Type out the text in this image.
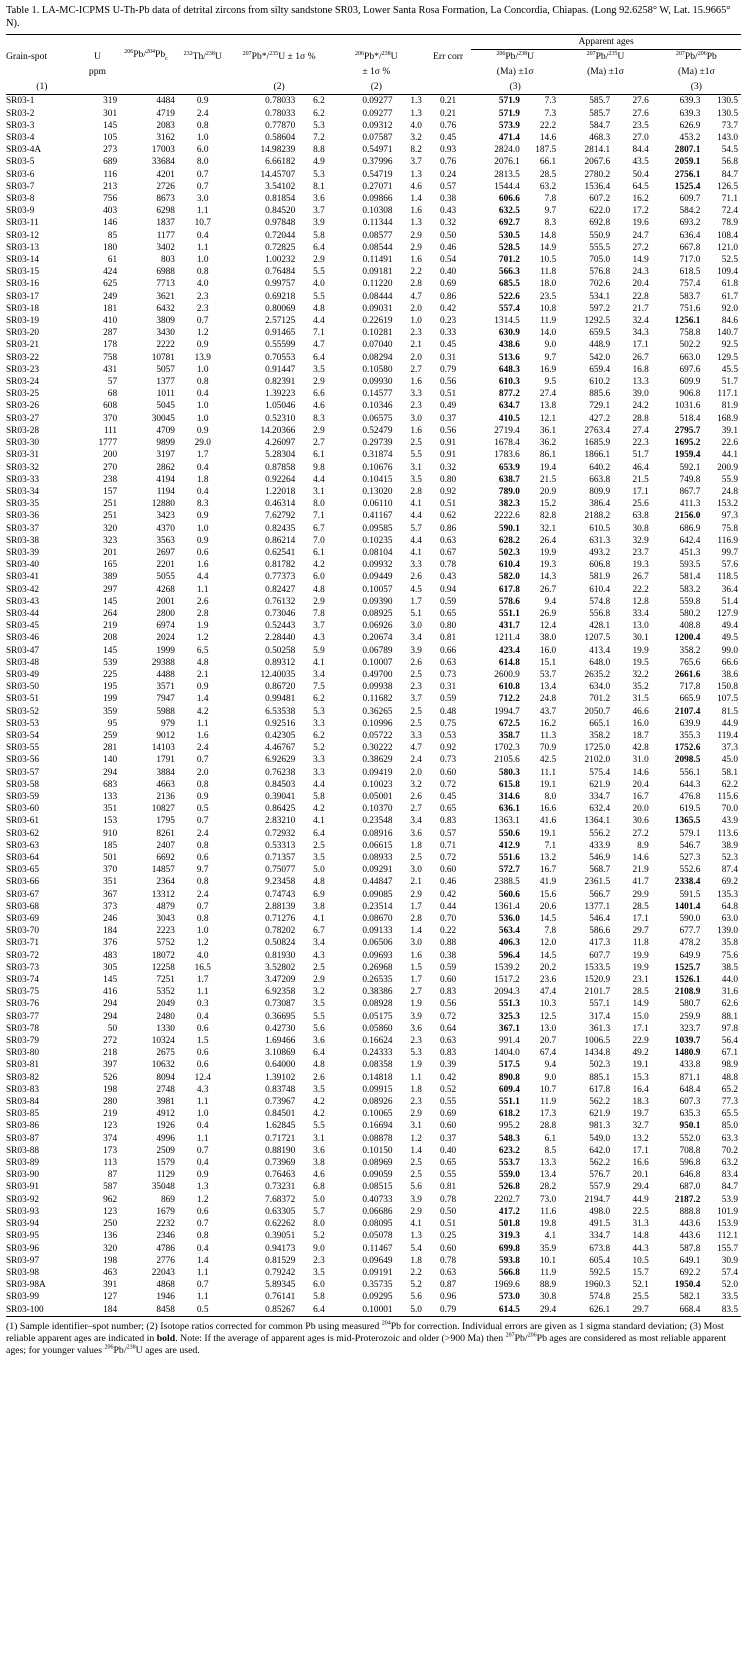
Table 1. LA-MC-ICPMS U-Th-Pb data of detrital zircons from silty sandstone SR03, Lower Santa Rosa Formation, La Concordia, Chiapas. (Long 92.6258° W, Lat. 15.9665° N).
									Apparent ages					
Grain-spot	U	$^{206}Pb/^{204}Pb_c$	$^{232}$Th/$^{238}$U	$^{207}$Pb*/$^{235}$U ± 1σ %		$^{206}$Pb*/$^{238}$U		Err corr	$^{206}$Pb/$^{238}$U		$^{207}$Pb/$^{235}$U		$^{207}$Pb/$^{206}$Pb	
	ppm					± 1σ %			(Ma) ±1σ		(Ma) ±1σ		(Ma) ±1σ	
(1)				(2)		(2)			(3)				(3)	
SR03-1	319	4484	0.9	0.78033	6.2	0.09277	1.3	0.21	571.9	7.3	585.7	27.6	639.3	130.5
SR03-2	301	4719	2.4	0.78033	6.2	0.09277	1.3	0.21	571.9	7.3	585.7	27.6	639.3	130.5
SR03-3	145	2083	0.8	0.77870	5.3	0.09312	4.0	0.76	573.9	22.2	584.7	23.5	626.9	73.7
SR03-4	105	3162	1.0	0.58604	7.2	0.07587	3.2	0.45	471.4	14.6	468.3	27.0	453.2	143.0
SR03-4A	273	17003	6.0	14.98239	8.8	0.54971	8.2	0.93	2824.0	187.5	2814.1	84.4	2807.1	54.5
SR03-5	689	33684	8.0	6.66182	4.9	0.37996	3.7	0.76	2076.1	66.1	2067.6	43.5	2059.1	56.8
SR03-6	116	4201	0.7	14.45707	5.3	0.54719	1.3	0.24	2813.5	28.5	2780.2	50.4	2756.1	84.7
SR03-7	213	2726	0.7	3.54102	8.1	0.27071	4.6	0.57	1544.4	63.2	1536.4	64.5	1525.4	126.5
SR03-8	756	8673	3.0	0.81854	3.6	0.09866	1.4	0.38	606.6	7.8	607.2	16.2	609.7	71.1
SR03-9	403	6298	1.1	0.84520	3.7	0.10308	1.6	0.43	632.5	9.7	622.0	17.2	584.2	72.4
SR03-11	146	1837	10.7	0.97848	3.9	0.11344	1.3	0.32	692.7	8.3	692.8	19.6	693.2	78.9
SR03-12	85	1177	0.4	0.72044	5.8	0.08577	2.9	0.50	530.5	14.8	550.9	24.7	636.4	108.4
SR03-13	180	3402	1.1	0.72825	6.4	0.08544	2.9	0.46	528.5	14.9	555.5	27.2	667.8	121.0
SR03-14	61	803	1.0	1.00232	2.9	0.11491	1.6	0.54	701.2	10.5	705.0	14.9	717.0	52.5
SR03-15	424	6988	0.8	0.76484	5.5	0.09181	2.2	0.40	566.3	11.8	576.8	24.3	618.5	109.4
SR03-16	625	7713	4.0	0.99757	4.0	0.11220	2.8	0.69	685.5	18.0	702.6	20.4	757.4	61.8
SR03-17	249	3621	2.3	0.69218	5.5	0.08444	4.7	0.86	522.6	23.5	534.1	22.8	583.7	61.7
SR03-18	181	6432	2.3	0.80069	4.8	0.09031	2.0	0.42	557.4	10.8	597.2	21.7	751.6	92.0
SR03-19	410	3809	0.7	2.57125	4.4	0.22619	1.0	0.23	1314.5	11.9	1292.5	32.4	1256.1	84.6
SR03-20	287	3430	1.2	0.91465	7.1	0.10281	2.3	0.33	630.9	14.0	659.5	34.3	758.8	140.7
SR03-21	178	2222	0.9	0.55599	4.7	0.07040	2.1	0.45	438.6	9.0	448.9	17.1	502.2	92.5
SR03-22	758	10781	13.9	0.70553	6.4	0.08294	2.0	0.31	513.6	9.7	542.0	26.7	663.0	129.5
SR03-23	431	5057	1.0	0.91447	3.5	0.10580	2.7	0.79	648.3	16.9	659.4	16.8	697.6	45.5
SR03-24	57	1377	0.8	0.82391	2.9	0.09930	1.6	0.56	610.3	9.5	610.2	13.3	609.9	51.7
SR03-25	68	1011	0.4	1.39223	6.6	0.14577	3.3	0.51	877.2	27.4	885.6	39.0	906.8	117.1
SR03-26	608	5045	1.0	1.05046	4.6	0.10346	2.3	0.49	634.7	13.8	729.1	24.2	1031.6	81.9
SR03-27	370	30045	1.0	0.52310	8.3	0.06575	3.0	0.37	410.5	12.1	427.2	28.8	518.4	168.9
SR03-28	111	4709	0.9	14.20366	2.9	0.52479	1.6	0.56	2719.4	36.1	2763.4	27.4	2795.7	39.1
SR03-30	1777	9899	29.0	4.26097	2.7	0.29739	2.5	0.91	1678.4	36.2	1685.9	22.3	1695.2	22.6
SR03-31	200	3197	1.7	5.28304	6.1	0.31874	5.5	0.91	1783.6	86.1	1866.1	51.7	1959.4	44.1
SR03-32	270	2862	0.4	0.87858	9.8	0.10676	3.1	0.32	653.9	19.4	640.2	46.4	592.1	200.9
SR03-33	238	4194	1.8	0.92264	4.4	0.10415	3.5	0.80	638.7	21.5	663.8	21.5	749.8	55.9
SR03-34	157	1194	0.4	1.22018	3.1	0.13020	2.8	0.92	789.0	20.9	809.9	17.1	867.7	24.8
SR03-35	251	12880	8.3	0.46314	8.0	0.06110	4.1	0.51	382.3	15.2	386.4	25.6	411.3	153.2
SR03-36	251	3423	0.9	7.62792	7.1	0.41167	4.4	0.62	2222.6	82.8	2188.2	63.8	2156.0	97.3
SR03-37	320	4370	1.0	0.82435	6.7	0.09585	5.7	0.86	590.1	32.1	610.5	30.8	686.9	75.8
SR03-38	323	3563	0.9	0.86214	7.0	0.10235	4.4	0.63	628.2	26.4	631.3	32.9	642.4	116.9
SR03-39	201	2697	0.6	0.62541	6.1	0.08104	4.1	0.67	502.3	19.9	493.2	23.7	451.3	99.7
SR03-40	165	2201	1.6	0.81782	4.2	0.09932	3.3	0.78	610.4	19.3	606.8	19.3	593.5	57.6
SR03-41	389	5055	4.4	0.77373	6.0	0.09449	2.6	0.43	582.0	14.3	581.9	26.7	581.4	118.5
SR03-42	297	4268	1.1	0.82427	4.8	0.10057	4.5	0.94	617.8	26.7	610.4	22.2	583.2	36.4
SR03-43	145	2001	2.6	0.76132	2.9	0.09390	1.7	0.59	578.6	9.4	574.8	12.8	559.8	51.4
SR03-44	264	2800	2.8	0.73046	7.8	0.08925	5.1	0.65	551.1	26.9	556.8	33.4	580.2	127.9
SR03-45	219	6974	1.9	0.52443	3.7	0.06926	3.0	0.80	431.7	12.4	428.1	13.0	408.8	49.4
SR03-46	208	2024	1.2	2.28440	4.3	0.20674	3.4	0.81	1211.4	38.0	1207.5	30.1	1200.4	49.5
SR03-47	145	1999	6.5	0.50258	5.9	0.06789	3.9	0.66	423.4	16.0	413.4	19.9	358.2	99.0
SR03-48	539	29388	4.8	0.89312	4.1	0.10007	2.6	0.63	614.8	15.1	648.0	19.5	765.6	66.6
SR03-49	225	4488	2.1	12.40035	3.4	0.49700	2.5	0.73	2600.9	53.7	2635.2	32.2	2661.6	38.6
SR03-50	195	3571	0.9	0.86720	7.5	0.09938	2.3	0.31	610.8	13.4	634.0	35.2	717.8	150.8
SR03-51	199	7947	1.4	0.99481	6.2	0.11682	3.7	0.59	712.2	24.8	701.2	31.5	665.9	107.5
SR03-52	359	5988	4.2	6.53538	5.3	0.36265	2.5	0.48	1994.7	43.7	2050.7	46.6	2107.4	81.5
SR03-53	95	979	1.1	0.92516	3.3	0.10996	2.5	0.75	672.5	16.2	665.1	16.0	639.9	44.9
SR03-54	259	9012	1.6	0.42305	6.2	0.05722	3.3	0.53	358.7	11.3	358.2	18.7	355.3	119.4
SR03-55	281	14103	2.4	4.46767	5.2	0.30222	4.7	0.92	1702.3	70.9	1725.0	42.8	1752.6	37.3
SR03-56	140	1791	0.7	6.92629	3.3	0.38629	2.4	0.73	2105.6	42.5	2102.0	31.0	2098.5	45.0
SR03-57	294	3884	2.0	0.76238	3.3	0.09419	2.0	0.60	580.3	11.1	575.4	14.6	556.1	58.1
SR03-58	683	4663	0.8	0.84503	4.4	0.10023	3.2	0.72	615.8	19.1	621.9	20.4	644.3	62.2
SR03-59	133	2136	0.9	0.39041	5.8	0.05001	2.6	0.45	314.6	8.0	334.7	16.7	476.8	115.6
SR03-60	351	10827	0.5	0.86425	4.2	0.10370	2.7	0.65	636.1	16.6	632.4	20.0	619.5	70.0
SR03-61	153	1795	0.7	2.83210	4.1	0.23548	3.4	0.83	1363.1	41.6	1364.1	30.6	1365.5	43.9
SR03-62	910	8261	2.4	0.72932	6.4	0.08916	3.6	0.57	550.6	19.1	556.2	27.2	579.1	113.6
SR03-63	185	2407	0.8	0.53313	2.5	0.06615	1.8	0.71	412.9	7.1	433.9	8.9	546.7	38.9
SR03-64	501	6692	0.6	0.71357	3.5	0.08933	2.5	0.72	551.6	13.2	546.9	14.6	527.3	52.3
SR03-65	370	14857	9.7	0.75077	5.0	0.09291	3.0	0.60	572.7	16.7	568.7	21.9	552.6	87.4
SR03-66	351	2364	0.8	9.23458	4.8	0.44847	2.1	0.46	2388.5	41.9	2361.5	41.7	2338.4	69.2
SR03-67	367	13312	2.4	0.74743	6.9	0.09085	2.9	0.42	560.6	15.6	566.7	29.9	591.5	135.3
SR03-68	373	4879	0.7	2.88139	3.8	0.23514	1.7	0.44	1361.4	20.6	1377.1	28.5	1401.4	64.8
SR03-69	246	3043	0.8	0.71276	4.1	0.08670	2.8	0.70	536.0	14.5	546.4	17.1	590.0	63.0
SR03-70	184	2223	1.0	0.78202	6.7	0.09133	1.4	0.22	563.4	7.8	586.6	29.7	677.7	139.0
SR03-71	376	5752	1.2	0.50824	3.4	0.06506	3.0	0.88	406.3	12.0	417.3	11.8	478.2	35.8
SR03-72	483	18072	4.0	0.81930	4.3	0.09693	1.6	0.38	596.4	14.5	607.7	19.9	649.9	75.6
SR03-73	305	12258	16.5	3.52802	2.5	0.26968	1.5	0.59	1539.2	20.2	1533.5	19.9	1525.7	38.5
SR03-74	145	7251	1.7	3.47209	2.9	0.26535	1.7	0.60	1517.2	23.6	1520.9	23.1	1526.1	44.0
SR03-75	416	5352	1.1	6.92358	3.2	0.38386	2.7	0.83	2094.3	47.4	2101.7	28.5	2108.9	31.6
SR03-76	294	2049	0.3	0.73087	3.5	0.08928	1.9	0.56	551.3	10.3	557.1	14.9	580.7	62.6
SR03-77	294	2480	0.4	0.36695	5.5	0.05175	3.9	0.72	325.3	12.5	317.4	15.0	259.9	88.1
SR03-78	50	1330	0.6	0.42730	5.6	0.05860	3.6	0.64	367.1	13.0	361.3	17.1	323.7	97.8
SR03-79	272	10324	1.5	1.69466	3.6	0.16624	2.3	0.63	991.4	20.7	1006.5	22.9	1039.7	56.4
SR03-80	218	2675	0.6	3.10869	6.4	0.24333	5.3	0.83	1404.0	67.4	1434.8	49.2	1480.9	67.1
SR03-81	397	10632	0.6	0.64000	4.8	0.08358	1.9	0.39	517.5	9.4	502.3	19.1	433.8	98.9
SR03-82	526	8094	12.4	1.39102	2.6	0.14818	1.1	0.42	890.8	9.0	885.1	15.3	871.1	48.8
SR03-83	198	2748	4.3	0.83748	3.5	0.09915	1.8	0.52	609.4	10.7	617.8	16.4	648.4	65.2
SR03-84	280	3981	1.1	0.73967	4.2	0.08926	2.3	0.55	551.1	11.9	562.2	18.3	607.3	77.3
SR03-85	219	4912	1.0	0.84501	4.2	0.10065	2.9	0.69	618.2	17.3	621.9	19.7	635.3	65.5
SR03-86	123	1926	0.4	1.62845	5.5	0.16694	3.1	0.60	995.2	28.8	981.3	32.7	950.1	85.0
SR03-87	374	4996	1.1	0.71721	3.1	0.08878	1.2	0.37	548.3	6.1	549.0	13.2	552.0	63.3
SR03-88	173	2509	0.7	0.88190	3.6	0.10150	1.4	0.40	623.2	8.5	642.0	17.1	708.8	70.2
SR03-89	113	1579	0.4	0.73969	3.8	0.08969	2.5	0.65	553.7	13.3	562.2	16.6	596.8	63.2
SR03-90	87	1129	0.9	0.76463	4.6	0.09059	2.5	0.55	559.0	13.4	576.7	20.1	646.8	83.4
SR03-91	587	35048	1.3	0.73231	6.8	0.08515	5.6	0.81	526.8	28.2	557.9	29.4	687.0	84.7
SR03-92	962	869	1.2	7.68372	5.0	0.40733	3.9	0.78	2202.7	73.0	2194.7	44.9	2187.2	53.9
SR03-93	123	1679	0.6	0.63305	5.7	0.06686	2.9	0.50	417.2	11.6	498.0	22.5	888.8	101.9
SR03-94	250	2232	0.7	0.62262	8.0	0.08095	4.1	0.51	501.8	19.8	491.5	31.3	443.6	153.9
SR03-95	136	2346	0.8	0.39051	5.2	0.05078	1.3	0.25	319.3	4.1	334.7	14.8	443.6	112.1
SR03-96	320	4786	0.4	0.94173	9.0	0.11467	5.4	0.60	699.8	35.9	673.8	44.3	587.8	155.7
SR03-97	198	2776	1.4	0.81529	2.3	0.09649	1.8	0.78	593.8	10.1	605.4	10.5	649.1	30.9
SR03-98	463	22043	1.1	0.79242	3.5	0.09191	2.2	0.63	566.8	11.9	592.5	15.7	692.2	57.4
SR03-98A	391	4868	0.7	5.89345	6.0	0.35735	5.2	0.87	1969.6	88.9	1960.3	52.1	1950.4	52.0
SR03-99	127	1946	1.1	0.76141	5.8	0.09295	5.6	0.96	573.0	30.8	574.8	25.5	582.1	33.5
SR03-100	184	8458	0.5	0.85267	6.4	0.10001	5.0	0.79	614.5	29.4	626.1	29.7	668.4	83.5
(1) Sample identifier–spot number; (2) Isotope ratios corrected for common Pb using measured $^{204}$Pb for correction. Individual errors are given as 1 sigma standard deviation; (3) Most reliable apparent ages are indicated in bold. Note: If the average of apparent ages is mid-Proterozoic and older (>900 Ma) then $^{207}$Pb/$^{206}$Pb ages are considered as most reliable apparent ages; for younger values $^{206}$Pb/$^{238}$U ages are used.
